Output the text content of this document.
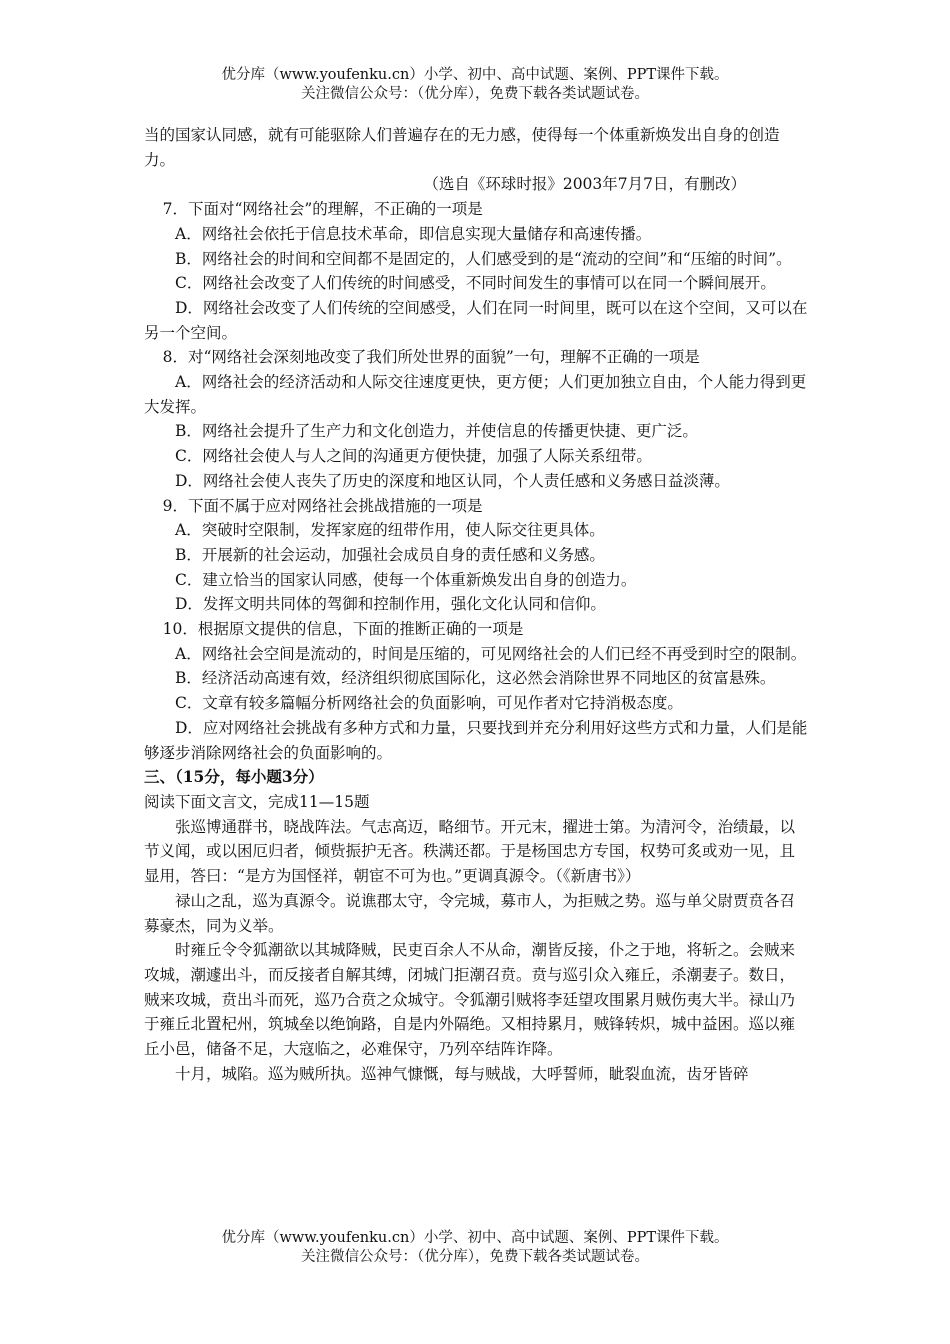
优分库（www.youfenku.cn）小学、初中、高中试题、案例、PPT课件下载。
关注微信公众号：（优分库），免费下载各类试题试卷。

当的国家认同感，就有可能驱除人们普遍存在的无力感，使得每一个体重新焕发出自身的创造力。

（选自《环球时报》2003年7月7日，有删改）

7．下面对“网络社会”的理解，不正确的一项是

A．网络社会依托于信息技术革命，即信息实现大量储存和高速传播。

B．网络社会的时间和空间都不是固定的，人们感受到的是“流动的空间”和“压缩的时间”。

C．网络社会改变了人们传统的时间感受，不同时间发生的事情可以在同一个瞬间展开。

D．网络社会改变了人们传统的空间感受，人们在同一时间里，既可以在这个空间，又可以在另一个空间。

8．对“网络社会深刻地改变了我们所处世界的面貌”一句，理解不正确的一项是

A．网络社会的经济活动和人际交往速度更快，更方便；人们更加独立自由，个人能力得到更大发挥。

B．网络社会提升了生产力和文化创造力，并使信息的传播更快捷、更广泛。

C．网络社会使人与人之间的沟通更方便快捷，加强了人际关系纽带。

D．网络社会使人丧失了历史的深度和地区认同，个人责任感和义务感日益淡薄。

9．下面不属于应对网络社会挑战措施的一项是

A．突破时空限制，发挥家庭的纽带作用，使人际交往更具体。

B．开展新的社会运动，加强社会成员自身的责任感和义务感。

C．建立恰当的国家认同感，使每一个体重新焕发出自身的创造力。

D．发挥文明共同体的驾御和控制作用，强化文化认同和信仰。

10．根据原文提供的信息，下面的推断正确的一项是

A．网络社会空间是流动的，时间是压缩的，可见网络社会的人们已经不再受到时空的限制。

B．经济活动高速有效，经济组织彻底国际化，这必然会消除世界不同地区的贫富悬殊。

C．文章有较多篇幅分析网络社会的负面影响，可见作者对它持消极态度。

D．应对网络社会挑战有多种方式和力量，只要找到并充分利用好这些方式和力量，人们是能够逐步消除网络社会的负面影响的。

三、（15分，每小题3分）

阅读下面文言文，完成11—15题

张巡博通群书，晓战阵法。气志高迈，略细节。开元末，擢进士第。为清河令，治绩最，以节义闻，或以困厄归者，倾赀振护无吝。秩满还都。于是杨国忠方专国，权势可炙或劝一见，且显用，答曰：“是方为国怪祥，朝宦不可为也。”更调真源令。（《新唐书》）

禄山之乱，巡为真源令。说谯郡太守，令完城，募市人，为拒贼之势。巡与单父尉贾贲各召募豪杰，同为义举。

时雍丘令令狐潮欲以其城降贼，民吏百余人不从命，潮皆反接，仆之于地，将斩之。会贼来攻城，潮遽出斗，而反接者自解其缚，闭城门拒潮召贲。贲与巡引众入雍丘，杀潮妻子。数日，贼来攻城，贲出斗而死，巡乃合贲之众城守。令狐潮引贼将李廷望攻围累月贼伤夷大半。禄山乃于雍丘北置杞州，筑城垒以绝饷路，自是内外隔绝。又相持累月，贼锋转炽，城中益困。巡以雍丘小邑，储备不足，大寇临之，必难保守，乃列卒结阵诈降。

十月，城陷。巡为贼所执。巡神气慷慨，每与贼战，大呼誓师，眦裂血流，齿牙皆碎

优分库（www.youfenku.cn）小学、初中、高中试题、案例、PPT课件下载。
关注微信公众号：（优分库），免费下载各类试题试卷。
